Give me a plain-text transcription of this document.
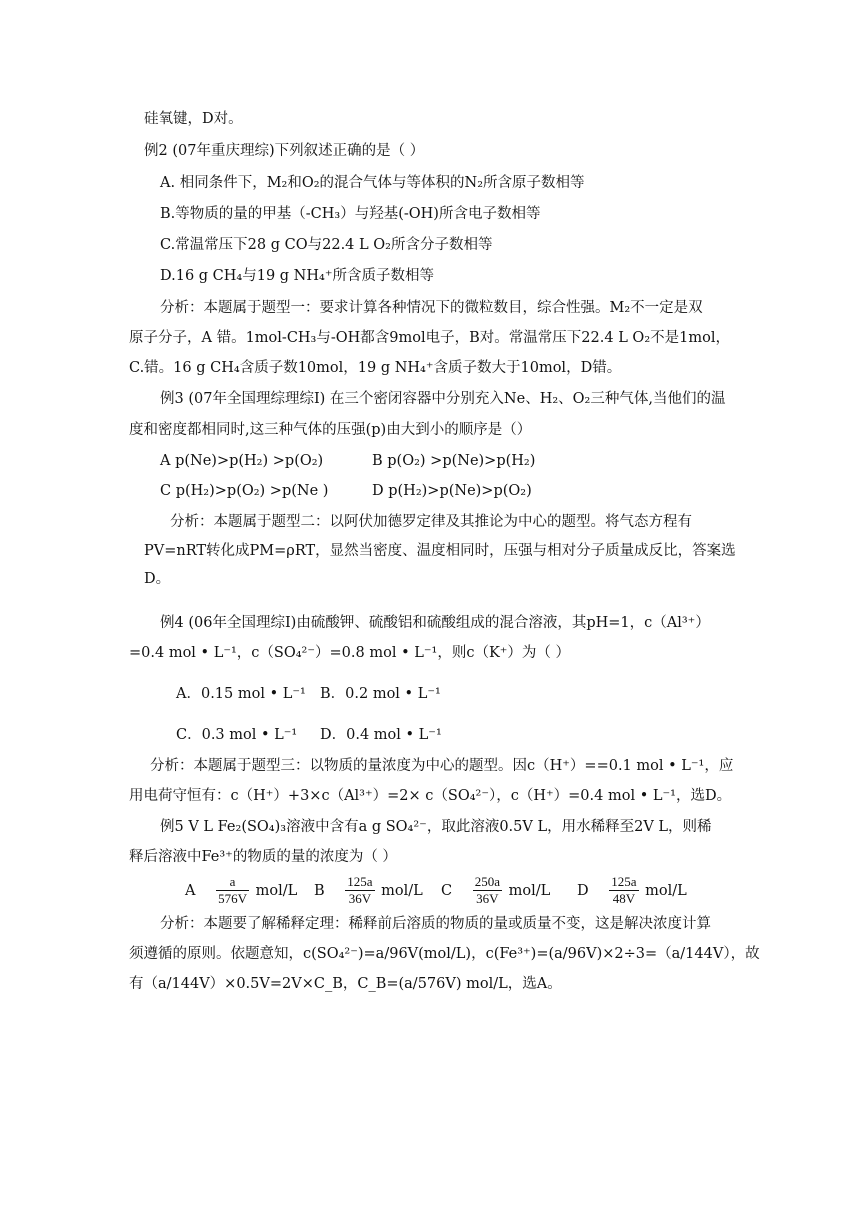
硅氧键，D对。
例2 (07年重庆理综)下列叙述正确的是（ ）
A. 相同条件下，M₂和O₂的混合气体与等体积的N₂所含原子数相等
B.等物质的量的甲基（-CH₃）与羟基(-OH)所含电子数相等
C.常温常压下28 g CO与22.4 L O₂所含分子数相等
D.16 g CH₄与19 g NH₄⁺所含质子数相等
分析：本题属于题型一：要求计算各种情况下的微粒数目，综合性强。M₂不一定是双
原子分子，A 错。1mol-CH₃与-OH都含9mol电子，B对。常温常压下22.4 L O₂不是1mol，
C.错。16 g CH₄含质子数10mol，19 g NH₄⁺含质子数大于10mol，D错。
例3 (07年全国理综理综Ⅰ) 在三个密闭容器中分别充入Ne、H₂、O₂三种气体,当他们的温
度和密度都相同时,这三种气体的压强(p)由大到小的顺序是（）
A p(Ne)>p(H₂) >p(O₂)	B p(O₂) >p(Ne)>p(H₂)
C p(H₂)>p(O₂) >p(Ne )	D p(H₂)>p(Ne)>p(O₂)
分析：本题属于题型二：以阿伏加德罗定律及其推论为中心的题型。将气态方程有
PV=nRT转化成PM=ρRT，显然当密度、温度相同时，压强与相对分子质量成反比，答案选
D。
例4 (06年全国理综Ⅰ)由硫酸钾、硫酸铝和硫酸组成的混合溶液，其pH=1，c（Al³⁺）
=0.4 mol • L⁻¹，c（SO₄²⁻）=0.8 mol • L⁻¹，则c（K⁺）为（ ）
A．0.15 mol • L⁻¹ B．0.2 mol • L⁻¹
C．0.3 mol • L⁻¹ D．0.4 mol • L⁻¹
分析：本题属于题型三：以物质的量浓度为中心的题型。因c（H⁺）==0.1 mol • L⁻¹，应
用电荷守恒有：c（H⁺）+3×c（Al³⁺）=2× c（SO₄²⁻），c（H⁺）=0.4 mol • L⁻¹，选D。
例5 V L Fe₂(SO₄)₃溶液中含有a g SO₄²⁻，取此溶液0.5V L，用水稀释至2V L，则稀
释后溶液中Fe³⁺的物质的量的浓度为（ ）
A $\frac{a}{576V} mol/L$ B $\frac{125a}{36V} mol/L$ C $\frac{250a}{36V} mol/L$ D $\frac{125a}{48V} mol/L$
分析：本题要了解稀释定理：稀释前后溶质的物质的量或质量不变，这是解决浓度计算
须遵循的原则。依题意知，c(SO₄²⁻)=a/96V(mol/L)，c(Fe³⁺)=(a/96V)×2÷3=（a/144V），故
有（a/144V）×0.5V=2V×C_B，C_B=(a/576V) mol/L，选A。
